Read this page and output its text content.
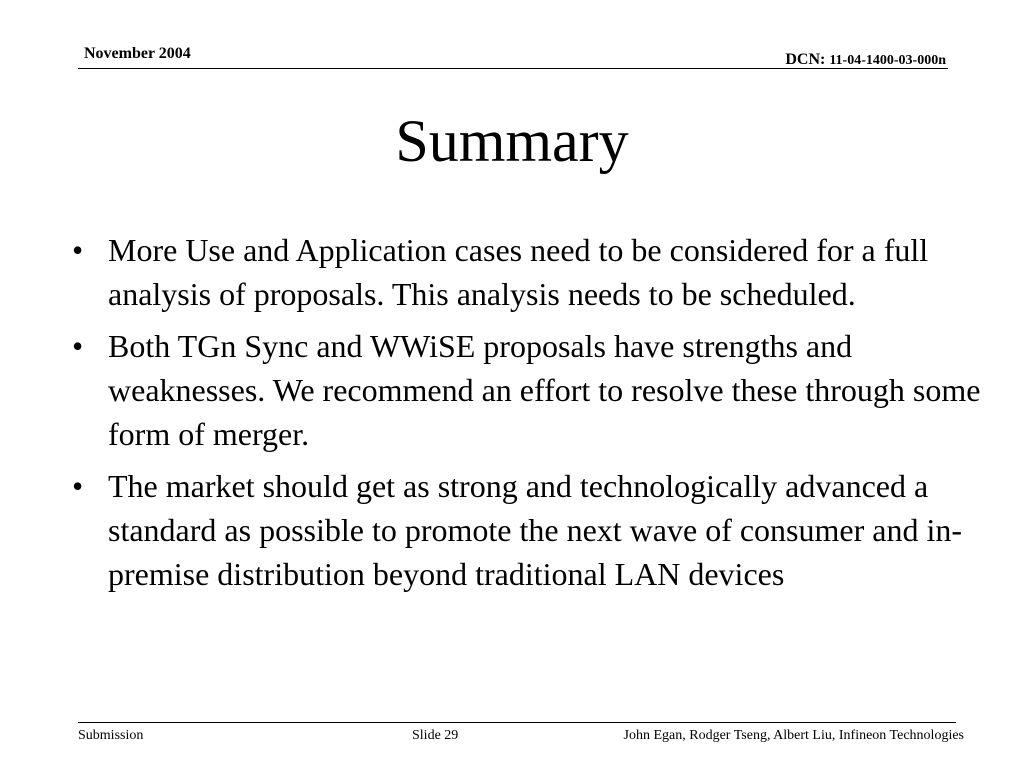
November 2004	DCN: 11-04-1400-03-000n
Summary
• More Use and Application cases need to be considered for a full analysis of proposals. This analysis needs to be scheduled.
• Both TGn Sync and WWiSE proposals have strengths and weaknesses. We recommend an effort to resolve these through some form of merger.
• The market should get as strong and technologically advanced a standard as possible to promote the next wave of consumer and in-premise distribution beyond traditional LAN devices
Submission	Slide 29	John Egan, Rodger Tseng, Albert Liu, Infineon Technologies
